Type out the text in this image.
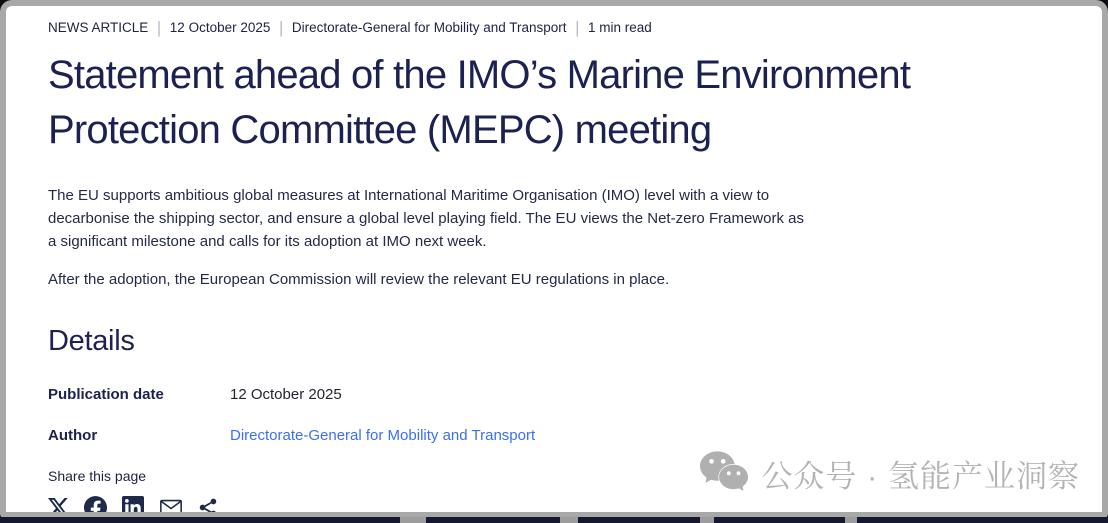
NEWS ARTICLE | 12 October 2025 | Directorate-General for Mobility and Transport | 1 min read
Statement ahead of the IMO’s Marine Environment Protection Committee (MEPC) meeting

The EU supports ambitious global measures at International Maritime Organisation (IMO) level with a view to decarbonise the shipping sector, and ensure a global level playing field. The EU views the Net-zero Framework as a significant milestone and calls for its adoption at IMO next week.

After the adoption, the European Commission will review the relevant EU regulations in place.

Details
Publication date	12 October 2025
Author	Directorate-General for Mobility and Transport
Share this page	公众号 · 氢能产业洞察
